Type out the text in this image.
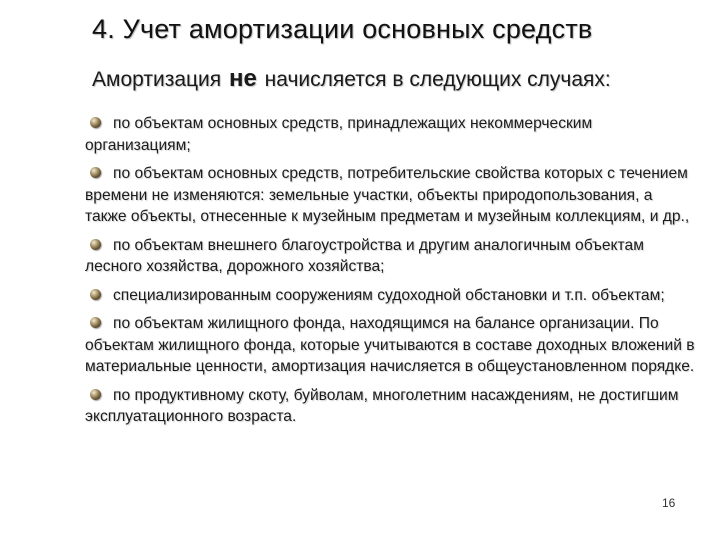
4. Учет амортизации основных средств
Амортизация не начисляется в следующих случаях:
по объектам основных средств, принадлежащих некоммерческим организациям;
по объектам основных средств, потребительские свойства которых с течением времени не изменяются: земельные участки, объекты природопользования, а также объекты, отнесенные к музейным предметам и музейным коллекциям, и др.,
по объектам внешнего благоустройства и другим аналогичным объектам лесного хозяйства, дорожного хозяйства;
специализированным сооружениям судоходной обстановки и т.п. объектам;
по объектам жилищного фонда, находящимся на балансе организации. По объектам жилищного фонда, которые учитываются в составе доходных вложений в материальные ценности, амортизация начисляется в общеустановленном порядке.
по продуктивному скоту, буйволам, многолетним насаждениям, не достигшим эксплуатационного возраста.
16
